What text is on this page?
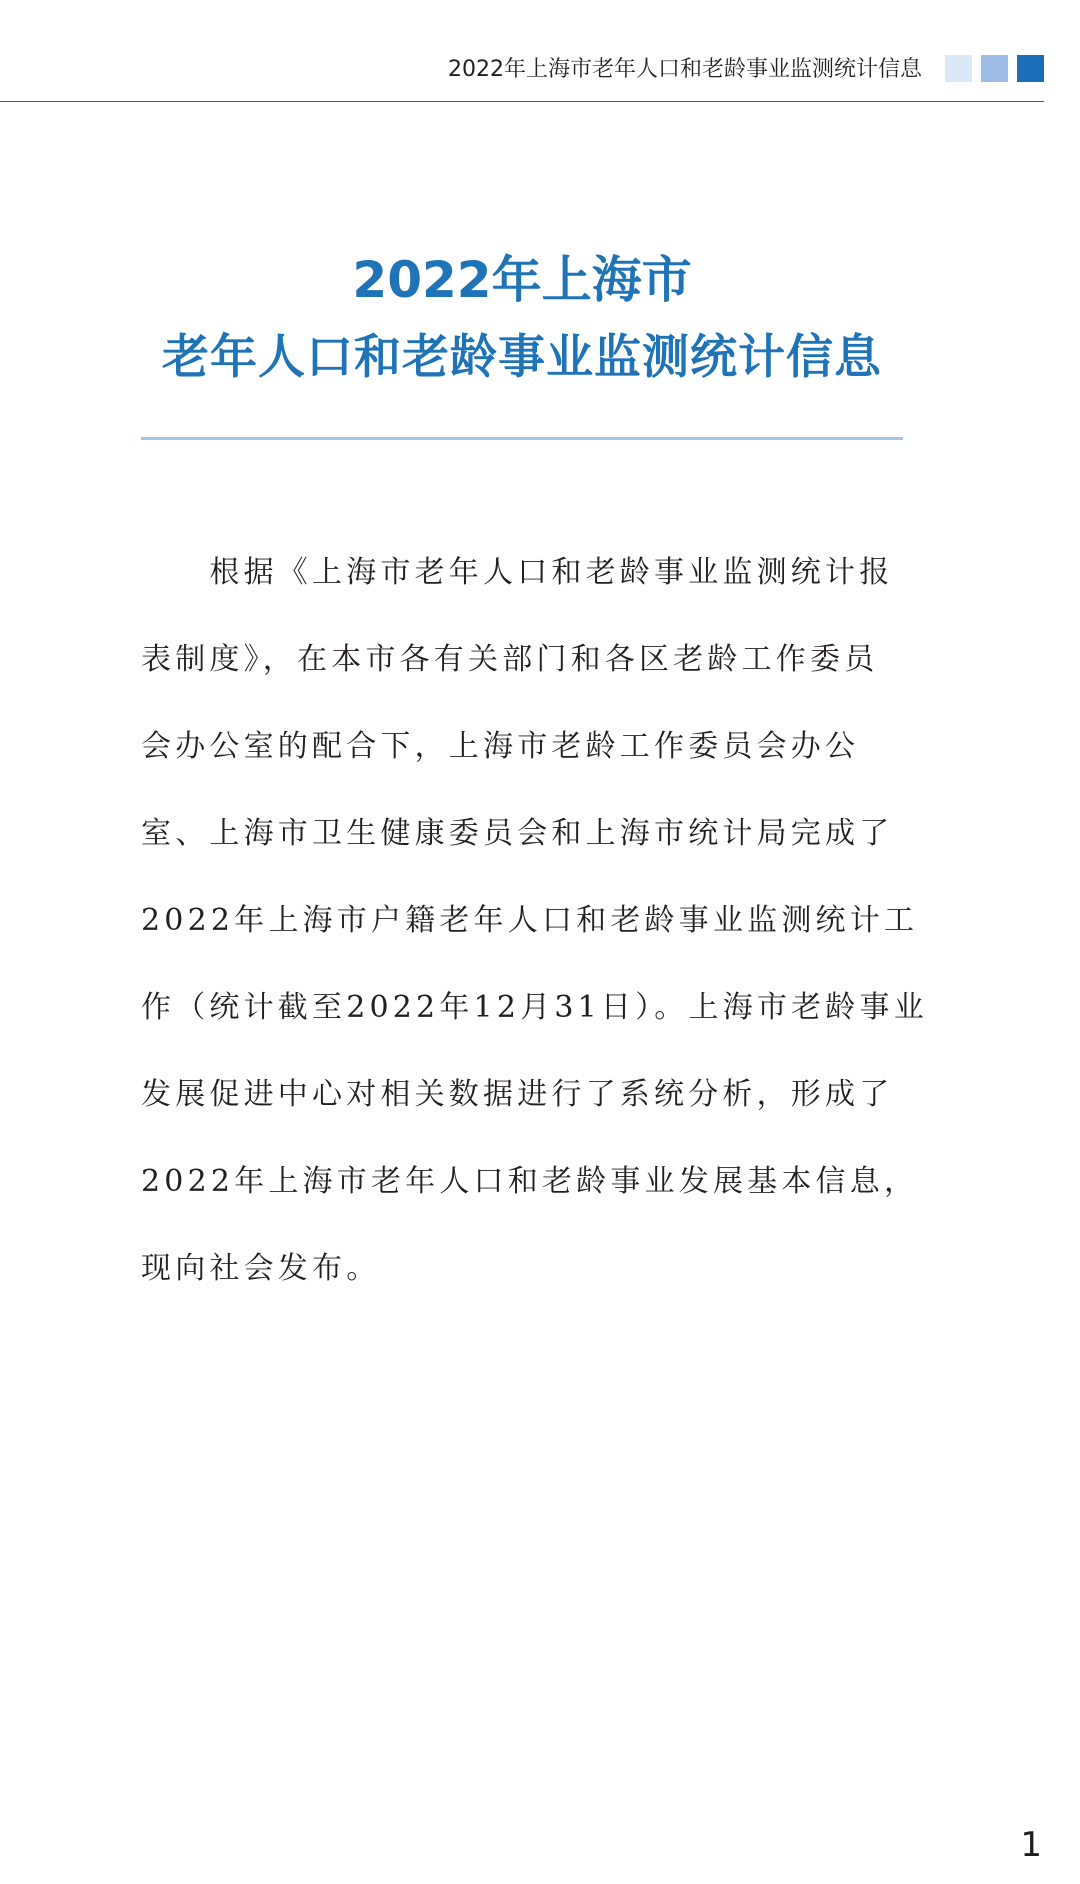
2022年上海市老年人口和老龄事业监测统计信息
2022年上海市
老年人口和老龄事业监测统计信息
　　根据《上海市老年人口和老龄事业监测统计报
表制度》，在本市各有关部门和各区老龄工作委员
会办公室的配合下，上海市老龄工作委员会办公
室、上海市卫生健康委员会和上海市统计局完成了
2022年上海市户籍老年人口和老龄事业监测统计工
作（统计截至2022年12月31日）。上海市老龄事业
发展促进中心对相关数据进行了系统分析，形成了
2022年上海市老年人口和老龄事业发展基本信息，
现向社会发布。
1
